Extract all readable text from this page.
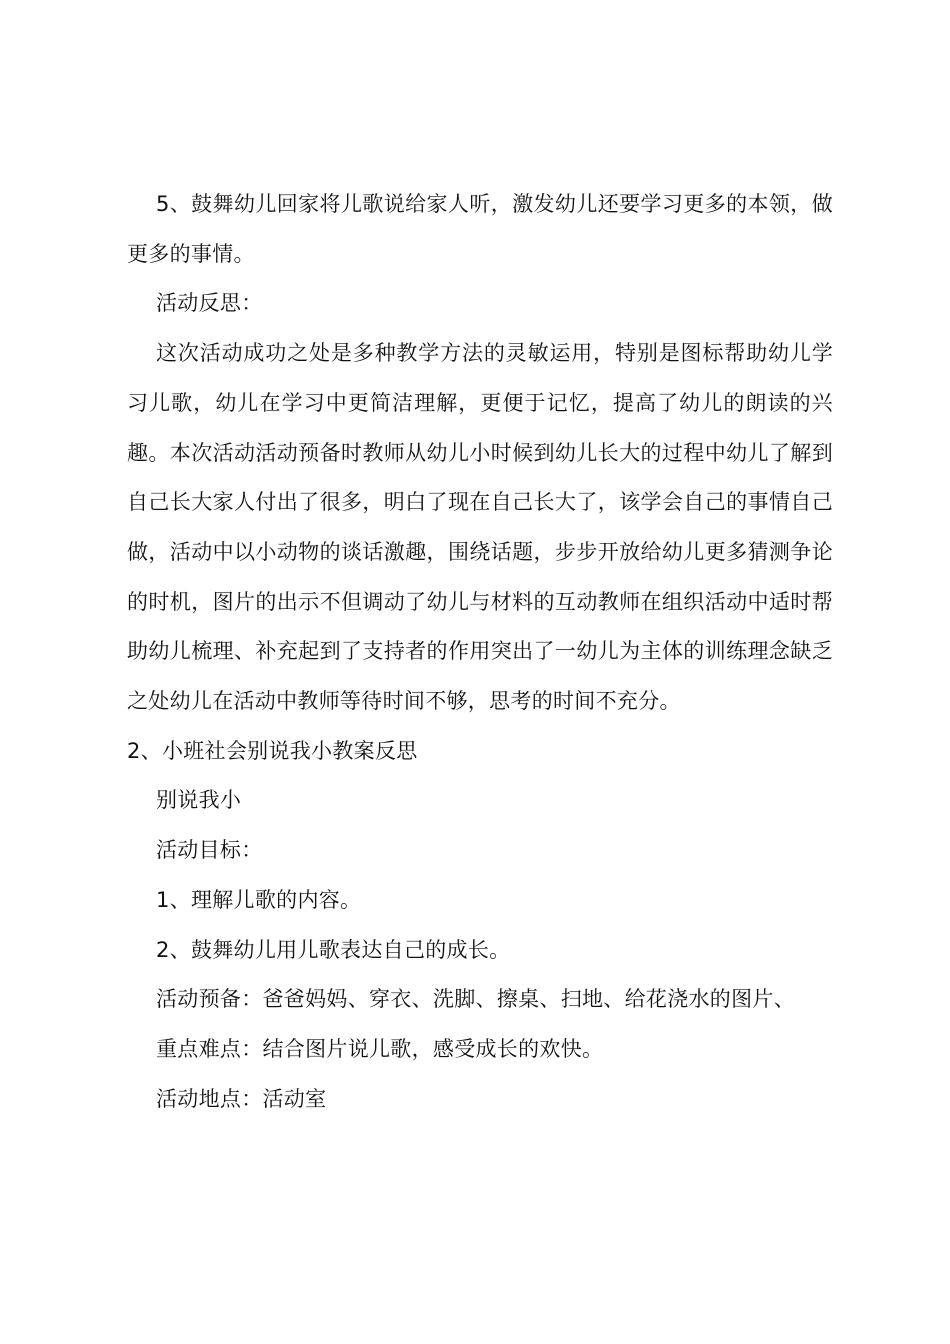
5、鼓舞幼儿回家将儿歌说给家人听，激发幼儿还要学习更多的本领，做更多的事情。

活动反思：

这次活动成功之处是多种教学方法的灵敏运用，特别是图标帮助幼儿学习儿歌，幼儿在学习中更简洁理解，更便于记忆，提高了幼儿的朗读的兴趣。本次活动活动预备时教师从幼儿小时候到幼儿长大的过程中幼儿了解到自己长大家人付出了很多，明白了现在自己长大了，该学会自己的事情自己做，活动中以小动物的谈话激趣，围绕话题，步步开放给幼儿更多猜测争论的时机，图片的出示不但调动了幼儿与材料的互动教师在组织活动中适时帮助幼儿梳理、补充起到了支持者的作用突出了一幼儿为主体的训练理念缺乏之处幼儿在活动中教师等待时间不够，思考的时间不充分。

2、小班社会别说我小教案反思

别说我小

活动目标：

1、理解儿歌的内容。

2、鼓舞幼儿用儿歌表达自己的成长。

活动预备：爸爸妈妈、穿衣、洗脚、擦桌、扫地、给花浇水的图片、

重点难点：结合图片说儿歌，感受成长的欢快。

活动地点：活动室
